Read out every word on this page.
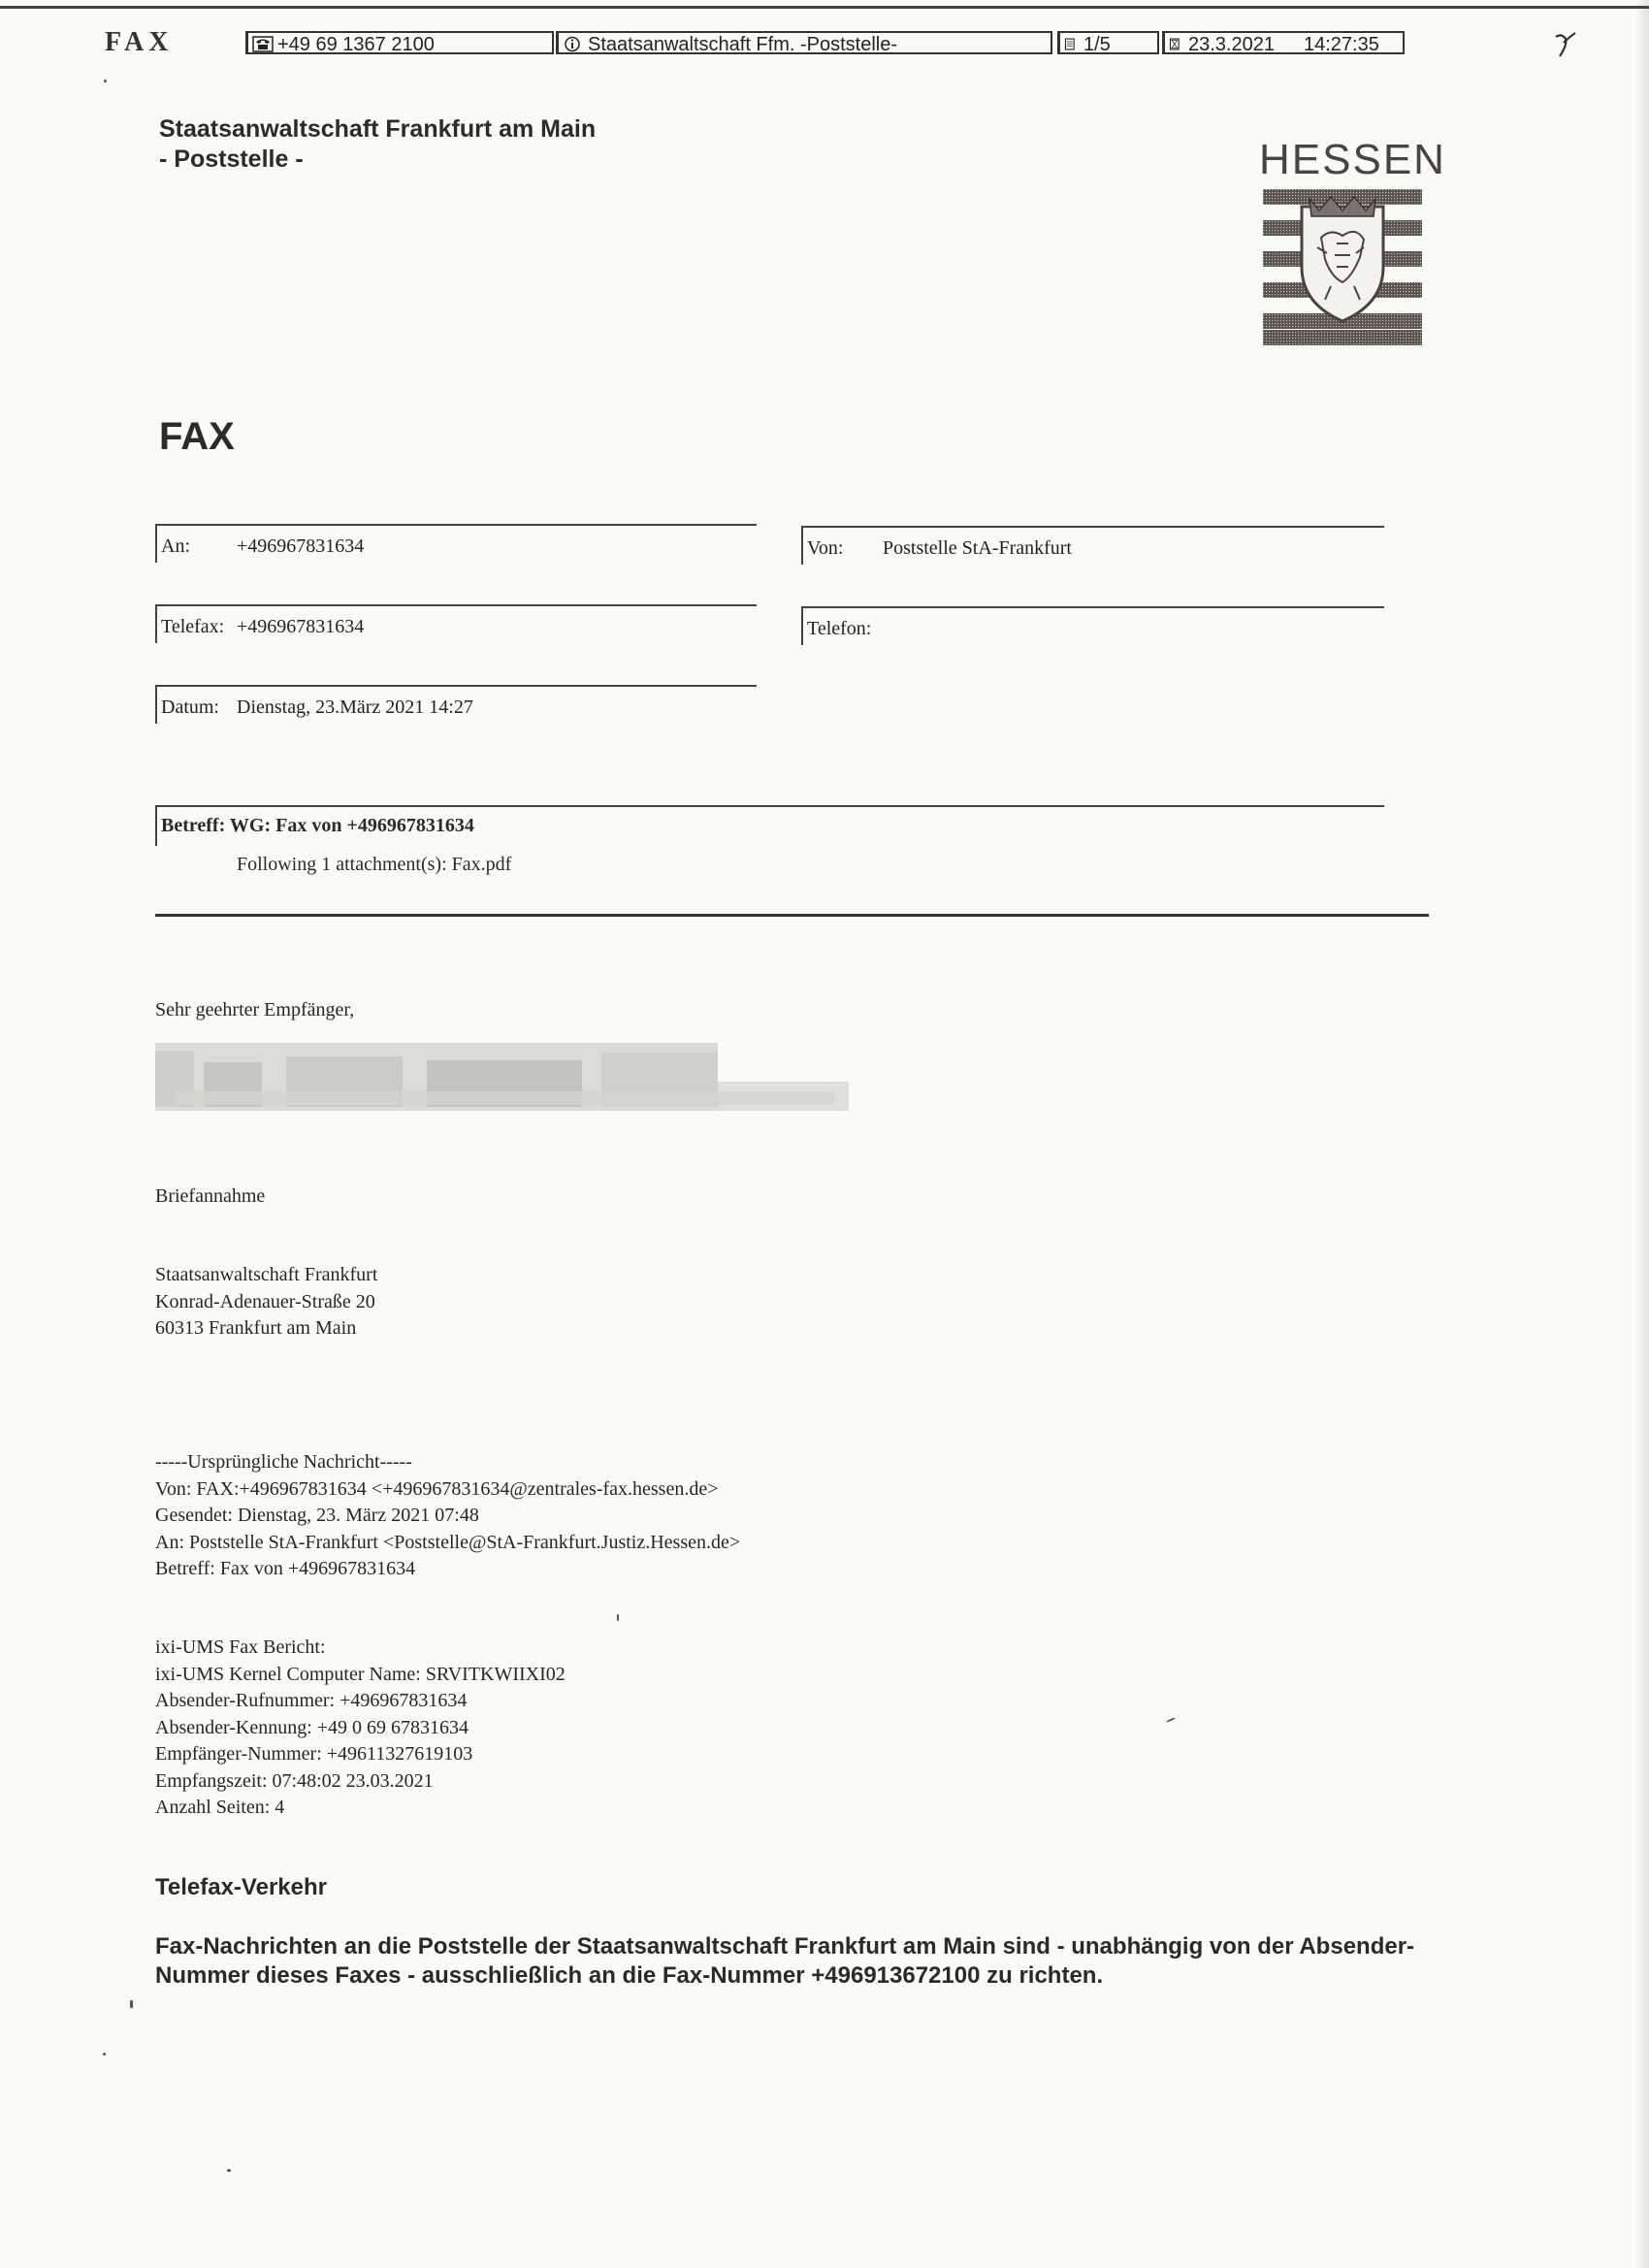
FAX	+49 69 1367 2100	Staatsanwaltschaft Ffm. -Poststelle-	1/5	23.3.2021 14:27:35
Staatsanwaltschaft Frankfurt am Main
- Poststelle -	HESSEN
FAX
An: +496967831634	Von: Poststelle StA-Frankfurt
Telefax: +496967831634	Telefon:
Datum: Dienstag, 23.März 2021 14:27
Betreff: WG: Fax von +496967831634
Following 1 attachment(s): Fax.pdf
Sehr geehrter Empfänger,
Briefannahme
Staatsanwaltschaft Frankfurt
Konrad-Adenauer-Straße 20
60313 Frankfurt am Main
-----Ursprüngliche Nachricht-----
Von: FAX:+496967831634 <+496967831634@zentrales-fax.hessen.de>
Gesendet: Dienstag, 23. März 2021 07:48
An: Poststelle StA-Frankfurt <Poststelle@StA-Frankfurt.Justiz.Hessen.de>
Betreff: Fax von +496967831634
ixi-UMS Fax Bericht:
ixi-UMS Kernel Computer Name: SRVITKWIIXI02
Absender-Rufnummer: +496967831634
Absender-Kennung: +49 0 69 67831634
Empfänger-Nummer: +49611327619103
Empfangszeit: 07:48:02 23.03.2021
Anzahl Seiten: 4
Telefax-Verkehr
Fax-Nachrichten an die Poststelle der Staatsanwaltschaft Frankfurt am Main sind - unabhängig von der Absender-Nummer dieses Faxes - ausschließlich an die Fax-Nummer +496913672100 zu richten.
